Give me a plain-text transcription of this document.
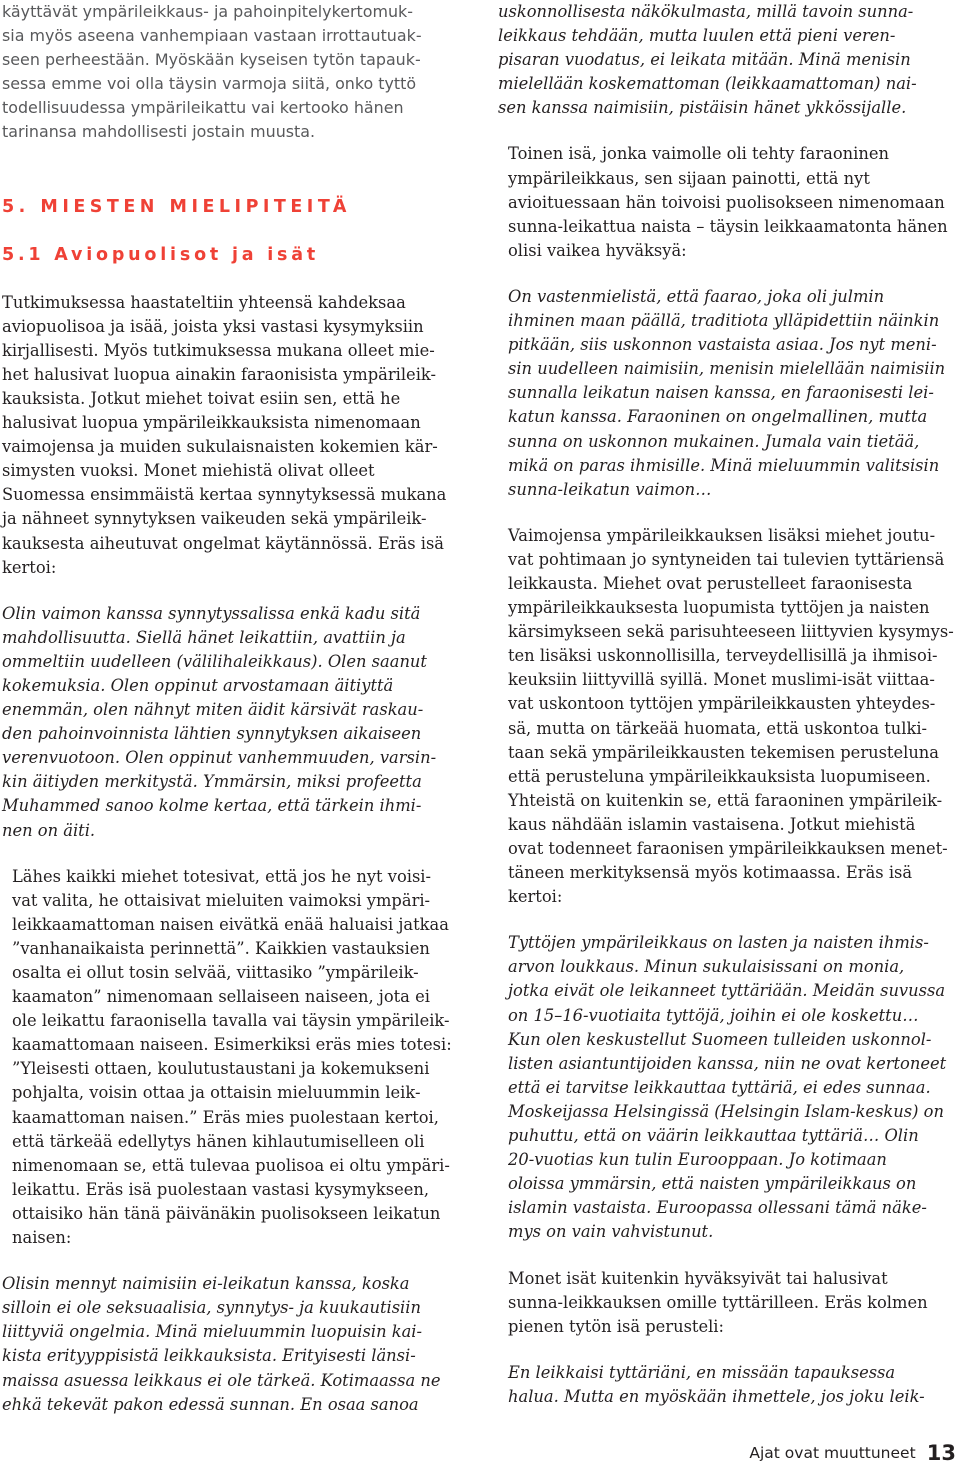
käyttävät ympärileikkaus- ja pahoinpitelykertomuk-
sia myös aseena vanhempiaan vastaan irrottautuak-
seen perheestään. Myöskään kyseisen tytön tapauk-
sessa emme voi olla täysin varmoja siitä, onko tyttö
todellisuudessa ympärileikattu vai kertooko hänen
tarinansa mahdollisesti jostain muusta.

5. MIESTEN MIELIPITEITÄ
5.1 Aviopuolisot ja isät

Tutkimuksessa haastateltiin yhteensä kahdeksaa
aviopuolisoa ja isää, joista yksi vastasi kysymyksiin
kirjallisesti. Myös tutkimuksessa mukana olleet mie-
het halusivat luopua ainakin faraonisista ympärileik-
kauksista. Jotkut miehet toivat esiin sen, että he
halusivat luopua ympärileikkauksista nimenomaan
vaimojensa ja muiden sukulaisnaisten kokemien kär-
simysten vuoksi. Monet miehistä olivat olleet
Suomessa ensimmäistä kertaa synnytyksessä mukana
ja nähneet synnytyksen vaikeuden sekä ympärileik-
kauksesta aiheutuvat ongelmat käytännössä. Eräs isä
kertoi:

Olin vaimon kanssa synnytyssalissa enkä kadu sitä
mahdollisuutta. Siellä hänet leikattiin, avattiin ja
ommeltiin uudelleen (välilihaleikkaus). Olen saanut
kokemuksia. Olen oppinut arvostamaan äitiyttä
enemmän, olen nähnyt miten äidit kärsivät raskau-
den pahoinvoinnista lähtien synnytyksen aikaiseen
verenvuotoon. Olen oppinut vanhemmuuden, varsin-
kin äitiyden merkitystä. Ymmärsin, miksi profeetta
Muhammed sanoo kolme kertaa, että tärkein ihmi-
nen on äiti.

Lähes kaikki miehet totesivat, että jos he nyt voisi-
vat valita, he ottaisivat mieluiten vaimoksi ympäri-
leikkaamattoman naisen eivätkä enää haluaisi jatkaa
”vanhanaikaista perinnettä”. Kaikkien vastauksien
osalta ei ollut tosin selvää, viittasiko ”ympärileik-
kaamaton” nimenomaan sellaiseen naiseen, jota ei
ole leikattu faraonisella tavalla vai täysin ympärileik-
kaamattomaan naiseen. Esimerkiksi eräs mies totesi:
”Yleisesti ottaen, koulutustaustani ja kokemukseni
pohjalta, voisin ottaa ja ottaisin mieluummin leik-
kaamattoman naisen.” Eräs mies puolestaan kertoi,
että tärkeää edellytys hänen kihlautumiselleen oli
nimenomaan se, että tulevaa puolisoa ei oltu ympäri-
leikattu. Eräs isä puolestaan vastasi kysymykseen,
ottaisiko hän tänä päivänäkin puolisokseen leikatun
naisen:

Olisin mennyt naimisiin ei-leikatun kanssa, koska
silloin ei ole seksuaalisia, synnytys- ja kuukautisiin
liittyviä ongelmia. Minä mieluummin luopuisin kai-
kista erityyppisistä leikkauksista. Erityisesti länsi-
maissa asuessa leikkaus ei ole tärkeä. Kotimaassa ne
ehkä tekevät pakon edessä sunnan. En osaa sanoa

uskonnollisesta näkökulmasta, millä tavoin sunna-
leikkaus tehdään, mutta luulen että pieni veren-
pisaran vuodatus, ei leikata mitään. Minä menisin
mielellään koskemattoman (leikkaamattoman) nai-
sen kanssa naimisiin, pistäisin hänet ykkössijalle.

Toinen isä, jonka vaimolle oli tehty faraoninen
ympärileikkaus, sen sijaan painotti, että nyt
avioituessaan hän toivoisi puolisokseen nimenomaan
sunna-leikattua naista – täysin leikkaamatonta hänen
olisi vaikea hyväksyä:

On vastenmielistä, että faarao, joka oli julmin
ihminen maan päällä, traditiota ylläpidettiin näinkin
pitkään, siis uskonnon vastaista asiaa. Jos nyt meni-
sin uudelleen naimisiin, menisin mielellään naimisiin
sunnalla leikatun naisen kanssa, en faraonisesti lei-
katun kanssa. Faraoninen on ongelmallinen, mutta
sunna on uskonnon mukainen. Jumala vain tietää,
mikä on paras ihmisille. Minä mieluummin valitsisin
sunna-leikatun vaimon…

Vaimojensa ympärileikkauksen lisäksi miehet joutu-
vat pohtimaan jo syntyneiden tai tulevien tyttäriensä
leikkausta. Miehet ovat perustelleet faraonisesta
ympärileikkauksesta luopumista tyttöjen ja naisten
kärsimykseen sekä parisuhteeseen liittyvien kysymys-
ten lisäksi uskonnollisilla, terveydellisillä ja ihmisoi-
keuksiin liittyvillä syillä. Monet muslimi-isät viittaa-
vat uskontoon tyttöjen ympärileikkausten yhteydes-
sä, mutta on tärkeää huomata, että uskontoa tulki-
taan sekä ympärileikkausten tekemisen perusteluna
että perusteluna ympärileikkauksista luopumiseen.
Yhteistä on kuitenkin se, että faraoninen ympärileik-
kaus nähdään islamin vastaisena. Jotkut miehistä
ovat todenneet faraonisen ympärileikkauksen menet-
täneen merkityksensä myös kotimaassa. Eräs isä
kertoi:

Tyttöjen ympärileikkaus on lasten ja naisten ihmis-
arvon loukkaus. Minun sukulaisissani on monia,
jotka eivät ole leikanneet tyttäriään. Meidän suvussa
on 15–16-vuotiaita tyttöjä, joihin ei ole koskettu…
Kun olen keskustellut Suomeen tulleiden uskonnol-
listen asiantuntijoiden kanssa, niin ne ovat kertoneet
että ei tarvitse leikkauttaa tyttäriä, ei edes sunnaa.
Moskeijassa Helsingissä (Helsingin Islam-keskus) on
puhuttu, että on väärin leikkauttaa tyttäriä… Olin
20-vuotias kun tulin Eurooppaan. Jo kotimaan
oloissa ymmärsin, että naisten ympärileikkaus on
islamin vastaista. Euroopassa ollessani tämä näke-
mys on vain vahvistunut.

Monet isät kuitenkin hyväksyivät tai halusivat
sunna-leikkauksen omille tyttärilleen. Eräs kolmen
pienen tytön isä perusteli:

En leikkaisi tyttäriäni, en missään tapauksessa
halua. Mutta en myöskään ihmettele, jos joku leik-

Ajat ovat muuttuneet 13
